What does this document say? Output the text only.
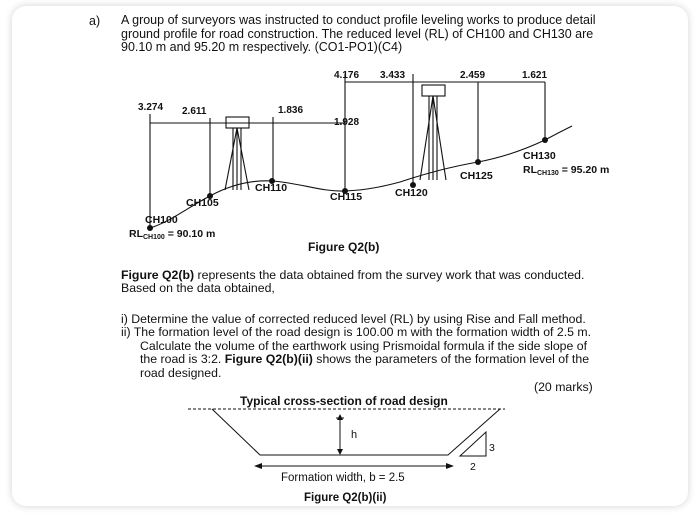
a) A group of surveyors was instructed to conduct profile leveling works to produce detail
ground profile for road construction. The reduced level (RL) of CH100 and CH130 are
90.10 m and 95.20 m respectively. (CO1-PO1)(C4)
3.274 2.611	1.836
4.176
1.928
3.433	2.459	1.621
CH105
CH110
CH115	CH120
CH125
CH100
CH130
RLCH100 = 90.10 m
RLCH130 = 95.20 m
Typical cross-section of road design
h
3
2
Formation width, b = 2.5
Figure Q2(b)(ii)
Figure Q2(b)
Figure Q2(b) represents the data obtained from the survey work that was conducted.
Based on the data obtained,
i) Determine the value of corrected reduced level (RL) by using Rise and Fall method.
ii) The formation level of the road design is 100.00 m with the formation width of 2.5 m.
Calculate the volume of the earthwork using Prismoidal formula if the side slope of
the road is 3:2. Figure Q2(b)(ii) shows the parameters of the formation level of the
road designed.
(20 marks)
